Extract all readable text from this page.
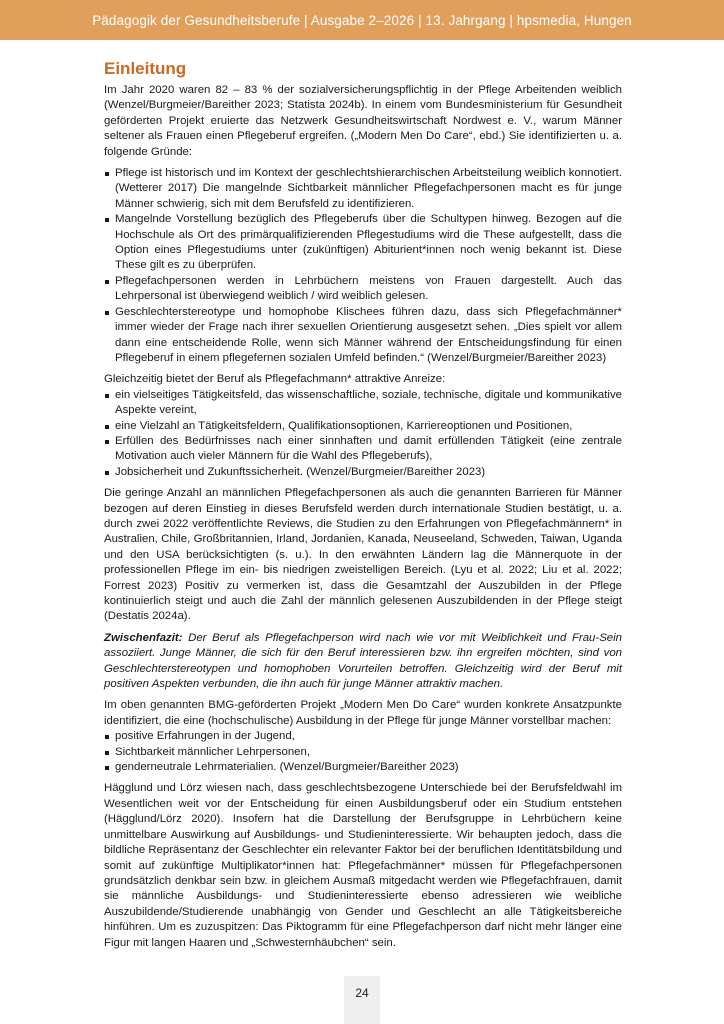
Pädagogik der Gesundheitsberufe | Ausgabe 2–2026 | 13. Jahrgang | hpsmedia, Hungen
Einleitung

Im Jahr 2020 waren 82 – 83 % der sozialversicherungspflichtig in der Pflege Arbeitenden weiblich (Wenzel/Burgmeier/Bareither 2023; Statista 2024b). In einem vom Bundesministerium für Gesundheit geförderten Projekt eruierte das Netzwerk Gesundheitswirtschaft Nordwest e. V., warum Männer seltener als Frauen einen Pflegeberuf ergreifen. („Modern Men Do Care“, ebd.) Sie identifizierten u. a. folgende Gründe:

Pflege ist historisch und im Kontext der geschlechtshierarchischen Arbeitsteilung weiblich konnotiert. (Wetterer 2017) Die mangelnde Sichtbarkeit männlicher Pflegefachpersonen macht es für junge Männer schwierig, sich mit dem Berufsfeld zu identifizieren.
Mangelnde Vorstellung bezüglich des Pflegeberufs über die Schultypen hinweg. Bezogen auf die Hochschule als Ort des primärqualifizierenden Pflegestudiums wird die These aufgestellt, dass die Option eines Pflegestudiums unter (zukünftigen) Abiturient*innen noch wenig bekannt ist. Diese These gilt es zu überprüfen.
Pflegefachpersonen werden in Lehrbüchern meistens von Frauen dargestellt. Auch das Lehrpersonal ist überwiegend weiblich / wird weiblich gelesen.
Geschlechterstereotype und homophobe Klischees führen dazu, dass sich Pflegefachmänner* immer wieder der Frage nach ihrer sexuellen Orientierung ausgesetzt sehen. „Dies spielt vor allem dann eine entscheidende Rolle, wenn sich Männer während der Entscheidungsfindung für einen Pflegeberuf in einem pflegefernen sozialen Umfeld befinden.“ (Wenzel/Burgmeier/Bareither 2023)

Gleichzeitig bietet der Beruf als Pflegefachmann* attraktive Anreize:

ein vielseitiges Tätigkeitsfeld, das wissenschaftliche, soziale, technische, digitale und kommunikative Aspekte vereint,
eine Vielzahl an Tätigkeitsfeldern, Qualifikationsoptionen, Karriereoptionen und Positionen,
Erfüllen des Bedürfnisses nach einer sinnhaften und damit erfüllenden Tätigkeit (eine zentrale Motivation auch vieler Männern für die Wahl des Pflegeberufs),
Jobsicherheit und Zukunftssicherheit. (Wenzel/Burgmeier/Bareither 2023)

Die geringe Anzahl an männlichen Pflegefachpersonen als auch die genannten Barrieren für Männer bezogen auf deren Einstieg in dieses Berufsfeld werden durch internationale Studien bestätigt, u. a. durch zwei 2022 veröffentlichte Reviews, die Studien zu den Erfahrungen von Pflegefachmännern* in Australien, Chile, Großbritannien, Irland, Jordanien, Kanada, Neuseeland, Schweden, Taiwan, Uganda und den USA berücksichtigten (s. u.). In den erwähnten Ländern lag die Männerquote in der professionellen Pflege im ein- bis niedrigen zweistelligen Bereich. (Lyu et al. 2022; Liu et al. 2022; Forrest 2023) Positiv zu vermerken ist, dass die Gesamtzahl der Auszubilden in der Pflege kontinuierlich steigt und auch die Zahl der männlich gelesenen Auszubildenden in der Pflege steigt (Destatis 2024a).

Zwischenfazit: Der Beruf als Pflegefachperson wird nach wie vor mit Weiblichkeit und Frau-Sein assoziiert. Junge Männer, die sich für den Beruf interessieren bzw. ihn ergreifen möchten, sind von Geschlechterstereotypen und homophoben Vorurteilen betroffen. Gleichzeitig wird der Beruf mit positiven Aspekten verbunden, die ihn auch für junge Männer attraktiv machen.

Im oben genannten BMG-geförderten Projekt „Modern Men Do Care“ wurden konkrete Ansatzpunkte identifiziert, die eine (hochschulische) Ausbildung in der Pflege für junge Männer vorstellbar machen:

positive Erfahrungen in der Jugend,
Sichtbarkeit männlicher Lehrpersonen,
genderneutrale Lehrmaterialien. (Wenzel/Burgmeier/Bareither 2023)

Hägglund und Lörz wiesen nach, dass geschlechtsbezogene Unterschiede bei der Berufsfeldwahl im Wesentlichen weit vor der Entscheidung für einen Ausbildungsberuf oder ein Studium entstehen (Hägglund/Lörz 2020). Insofern hat die Darstellung der Berufsgruppe in Lehrbüchern keine unmittelbare Auswirkung auf Ausbildungs- und Studieninteressierte. Wir behaupten jedoch, dass die bildliche Repräsentanz der Geschlechter ein relevanter Faktor bei der beruflichen Identitätsbildung und somit auf zukünftige Multiplikator*innen hat: Pflegefachmänner* müssen für Pflegefachpersonen grundsätzlich denkbar sein bzw. in gleichem Ausmaß mitgedacht werden wie Pflegefachfrauen, damit sie männliche Ausbildungs- und Studieninteressierte ebenso adressieren wie weibliche Auszubildende/Studierende unabhängig von Gender und Geschlecht an alle Tätigkeitsbereiche hinführen. Um es zuzuspitzen: Das Piktogramm für eine Pflegefachperson darf nicht mehr länger eine Figur mit langen Haaren und „Schwesternhäubchen“ sein.

24
